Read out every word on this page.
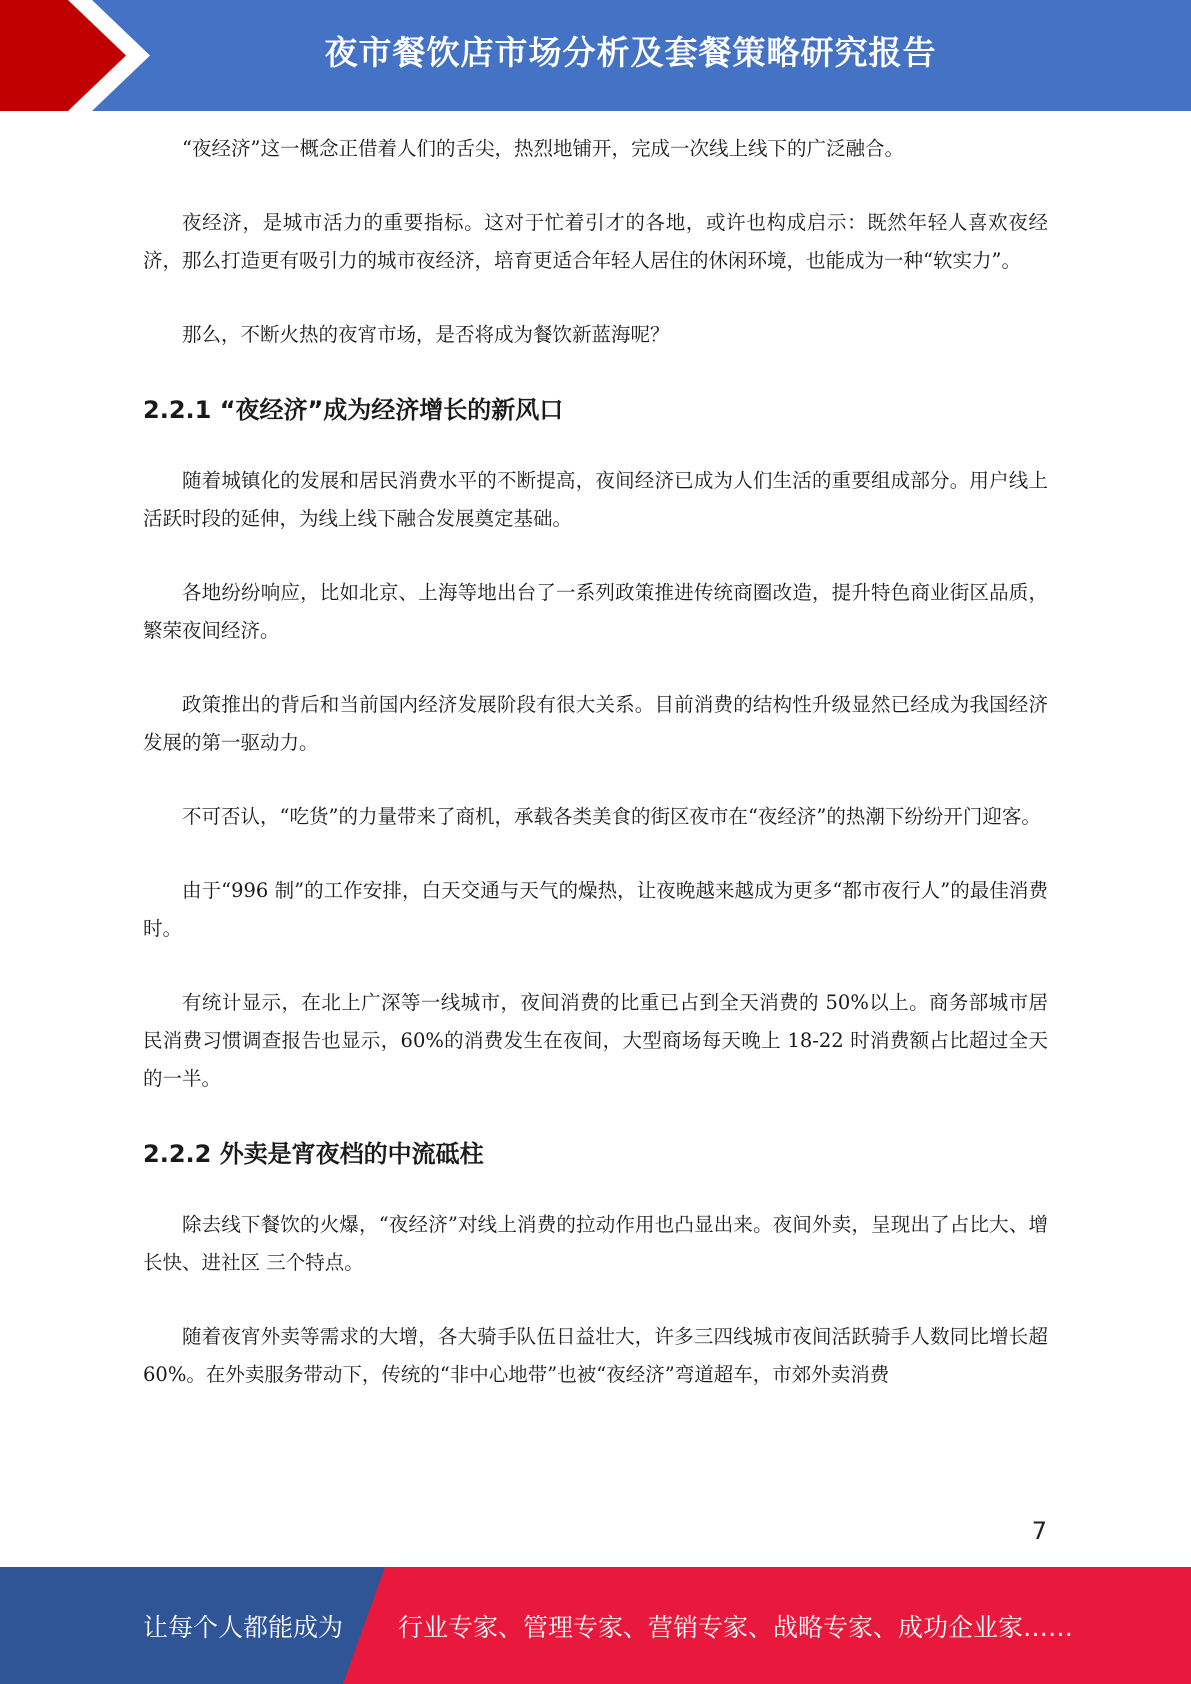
夜市餐饮店市场分析及套餐策略研究报告

“夜经济”这一概念正借着人们的舌尖，热烈地铺开，完成一次线上线下的广泛融合。

夜经济，是城市活力的重要指标。这对于忙着引才的各地，或许也构成启示：既然年轻人喜欢夜经济，那么打造更有吸引力的城市夜经济，培育更适合年轻人居住的休闲环境，也能成为一种“软实力”。

那么，不断火热的夜宵市场，是否将成为餐饮新蓝海呢？

2.2.1 “夜经济”成为经济增长的新风口

随着城镇化的发展和居民消费水平的不断提高，夜间经济已成为人们生活的重要组成部分。用户线上活跃时段的延伸，为线上线下融合发展奠定基础。

各地纷纷响应，比如北京、上海等地出台了一系列政策推进传统商圈改造，提升特色商业街区品质，繁荣夜间经济。

政策推出的背后和当前国内经济发展阶段有很大关系。目前消费的结构性升级显然已经成为我国经济发展的第一驱动力。

不可否认，“吃货”的力量带来了商机，承载各类美食的街区夜市在“夜经济”的热潮下纷纷开门迎客。

由于“996 制”的工作安排，白天交通与天气的燥热，让夜晚越来越成为更多“都市夜行人”的最佳消费时。

有统计显示，在北上广深等一线城市，夜间消费的比重已占到全天消费的 50%以上。商务部城市居民消费习惯调查报告也显示，60%的消费发生在夜间，大型商场每天晚上 18-22 时消费额占比超过全天的一半。

2.2.2 外卖是宵夜档的中流砥柱

除去线下餐饮的火爆，“夜经济”对线上消费的拉动作用也凸显出来。夜间外卖，呈现出了占比大、增长快、进社区 三个特点。

随着夜宵外卖等需求的大增，各大骑手队伍日益壮大，许多三四线城市夜间活跃骑手人数同比增长超 60%。在外卖服务带动下，传统的“非中心地带”也被“夜经济”弯道超车，市郊外卖消费

7
让每个人都能成为 行业专家、管理专家、营销专家、战略专家、成功企业家……
